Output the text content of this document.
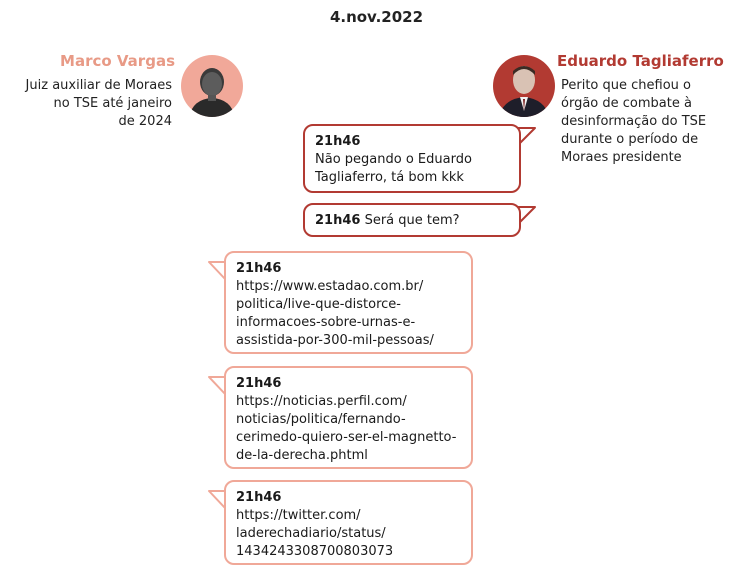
4.nov.2022
Marco Vargas
Juiz auxiliar de Moraes
no TSE até janeiro
de 2024
Eduardo Tagliaferro
Perito que chefiou o
órgão de combate à
desinformação do TSE
durante o período de
Moraes presidente
21h46
Não pegando o Eduardo
Tagliaferro, tá bom kkk
21h46 Será que tem?
21h46
https://www.estadao.com.br/
politica/live-que-distorce-
informacoes-sobre-urnas-e-
assistida-por-300-mil-pessoas/
21h46
https://noticias.perfil.com/
noticias/politica/fernando-
cerimedo-quiero-ser-el-magnetto-
de-la-derecha.phtml
21h46
https://twitter.com/
laderechadiario/status/
1434243308700803073
